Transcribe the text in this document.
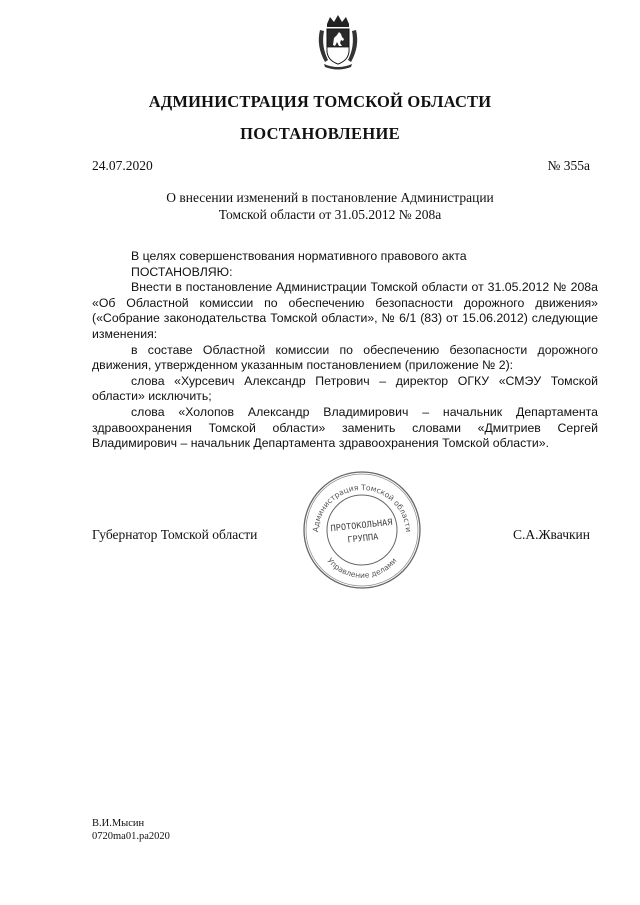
АДМИНИСТРАЦИЯ ТОМСКОЙ ОБЛАСТИ
ПОСТАНОВЛЕНИЕ
24.07.2020	№ 355а
О внесении изменений в постановление Администрации
Томской области от 31.05.2012 № 208а

В целях совершенствования нормативного правового акта

ПОСТАНОВЛЯЮ:

Внести в постановление Администрации Томской области от 31.05.2012 № 208а «Об Областной комиссии по обеспечению безопасности дорожного движения» («Собрание законодательства Томской области», № 6/1 (83) от 15.06.2012) следующие изменения:

в составе Областной комиссии по обеспечению безопасности дорожного движения, утвержденном указанным постановлением (приложение № 2):

слова «Хурсевич Александр Петрович – директор ОГКУ «СМЭУ Томской области» исключить;

слова «Холопов Александр Владимирович – начальник Департамента здравоохранения Томской области» заменить словами «Дмитриев Сергей Владимирович – начальник Департамента здравоохранения Томской области».

Губернатор Томской области	С.А.Жвачкин
Администрация Томской области
Управление делами
ПРОТОКОЛЬНАЯ
ГРУППА
В.И.Мысин
0720ma01.pa2020
